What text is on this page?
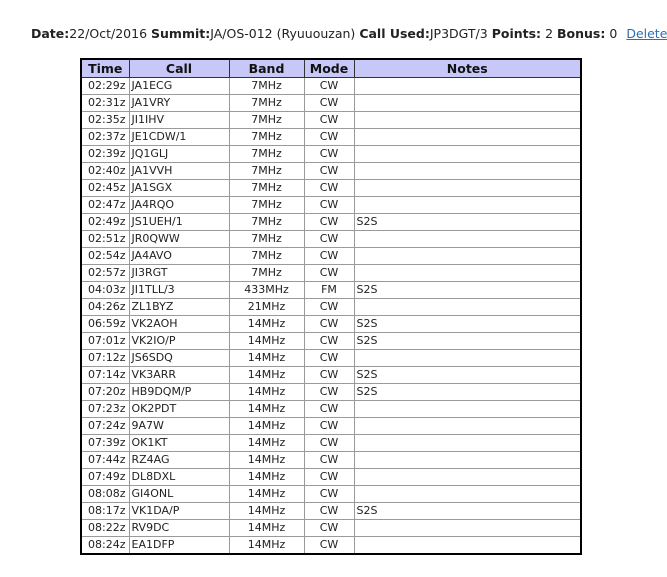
Date:22/Oct/2016 Summit:JA/OS-012 (Ryuuouzan) Call Used:JP3DGT/3 Points: 2 Bonus: 0 Delete
Time	Call	Band	Mode	Notes
02:29z	JA1ECG	7MHz	CW	
02:31z	JA1VRY	7MHz	CW	
02:35z	JI1IHV	7MHz	CW	
02:37z	JE1CDW/1	7MHz	CW	
02:39z	JQ1GLJ	7MHz	CW	
02:40z	JA1VVH	7MHz	CW	
02:45z	JA1SGX	7MHz	CW	
02:47z	JA4RQO	7MHz	CW	
02:49z	JS1UEH/1	7MHz	CW	S2S
02:51z	JR0QWW	7MHz	CW	
02:54z	JA4AVO	7MHz	CW	
02:57z	JI3RGT	7MHz	CW	
04:03z	JI1TLL/3	433MHz	FM	S2S
04:26z	ZL1BYZ	21MHz	CW	
06:59z	VK2AOH	14MHz	CW	S2S
07:01z	VK2IO/P	14MHz	CW	S2S
07:12z	JS6SDQ	14MHz	CW	
07:14z	VK3ARR	14MHz	CW	S2S
07:20z	HB9DQM/P	14MHz	CW	S2S
07:23z	OK2PDT	14MHz	CW	
07:24z	9A7W	14MHz	CW	
07:39z	OK1KT	14MHz	CW	
07:44z	RZ4AG	14MHz	CW	
07:49z	DL8DXL	14MHz	CW	
08:08z	GI4ONL	14MHz	CW	
08:17z	VK1DA/P	14MHz	CW	S2S
08:22z	RV9DC	14MHz	CW	
08:24z	EA1DFP	14MHz	CW	
